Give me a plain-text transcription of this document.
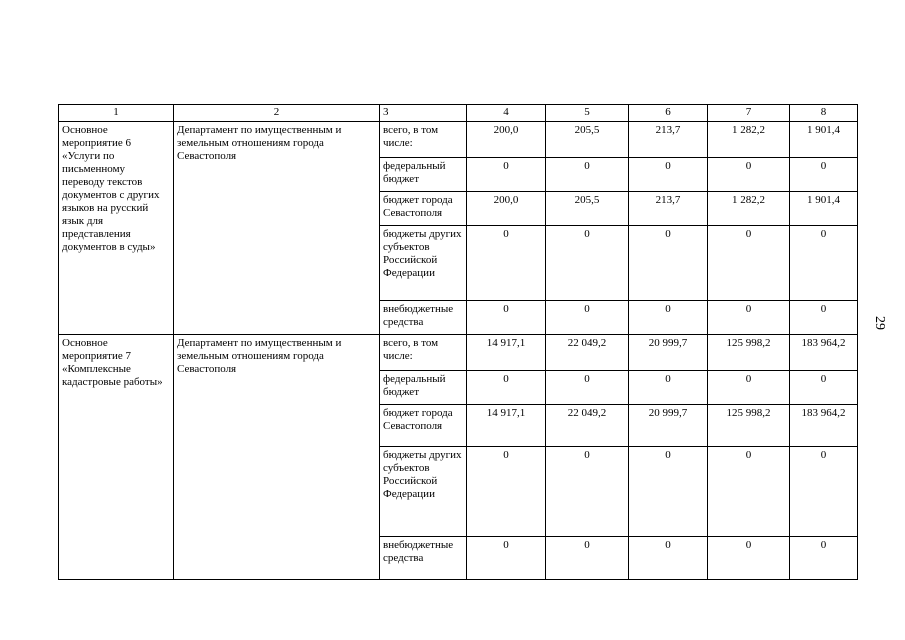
1	2	3	4	5	6	7	8
Основное мероприятие 6 «Услуги по письменному переводу текстов документов с других языков на русский язык для представления документов в суды»	Департамент по имущественным и земельным отношениям города Севастополя	всего, в том числе:	200,0	205,5	213,7	1 282,2	1 901,4
		федеральный бюджет	0	0	0	0	0
		бюджет города Севастополя	200,0	205,5	213,7	1 282,2	1 901,4
		бюджеты других субъектов Российской Федерации	0	0	0	0	0
		внебюджетные средства	0	0	0	0	0
Основное мероприятие 7 «Комплексные кадастровые работы»	Департамент по имущественным и земельным отношениям города Севастополя	всего, в том числе:	14 917,1	22 049,2	20 999,7	125 998,2	183 964,2
		федеральный бюджет	0	0	0	0	0
		бюджет города Севастополя	14 917,1	22 049,2	20 999,7	125 998,2	183 964,2
		бюджеты других субъектов Российской Федерации	0	0	0	0	0
		внебюджетные средства	0	0	0	0	0
29
